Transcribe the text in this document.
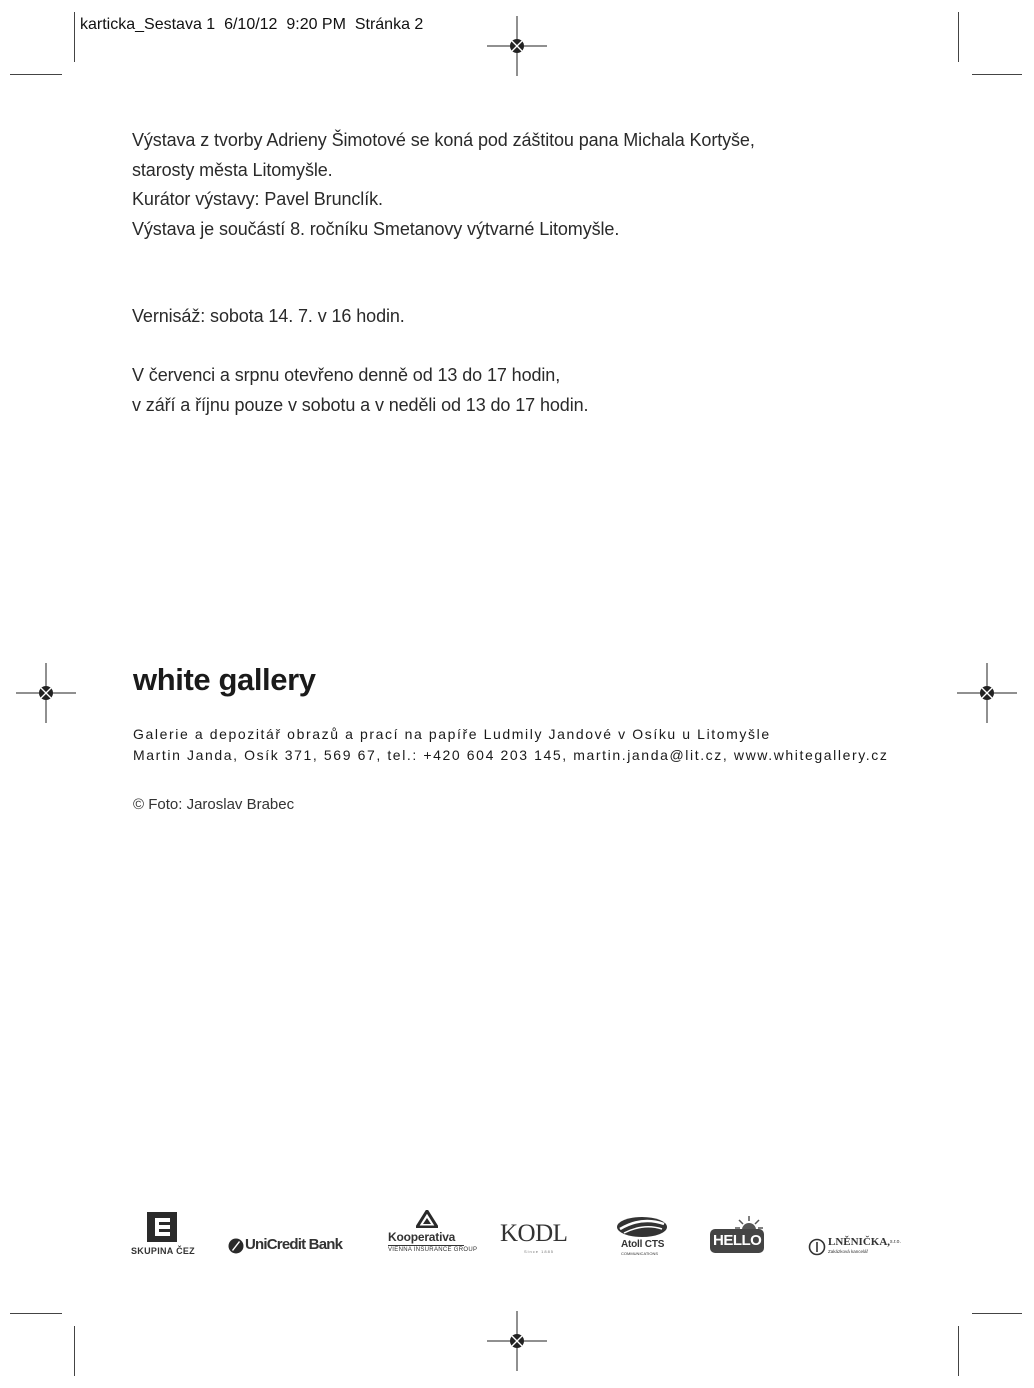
karticka_Sestava 1  6/10/12  9:20 PM  Stránka 2
Výstava z tvorby Adrieny Šimotové se koná pod záštitou pana Michala Kortyše,
starosty města Litomyšle.
Kurátor výstavy: Pavel Brunclík.
Výstava je součástí 8. ročníku Smetanovy výtvarné Litomyšle.
Vernisáž: sobota 14. 7. v 16 hodin.
V červenci a srpnu otevřeno denně od 13 do 17 hodin,
v září a říjnu pouze v sobotu a v neděli od 13 do 17 hodin.
white gallery
Galerie a depozitář obrazů a prací na papíře Ludmily Jandové v Osíku u Litomyšle
Martin Janda, Osík 371, 569 67, tel.: +420 604 203 145, martin.janda@lit.cz, www.whitegallery.cz
© Foto: Jaroslav Brabec
SKUPINA ČEZ	UniCredit Bank	Kooperativa
VIENNA INSURANCE GROUP
KODL
Since 1885
Atoll CTS
COMMUNICATIONS
HELLO	LNĚNIČKA, s.r.o.
Zakázková kancelář
